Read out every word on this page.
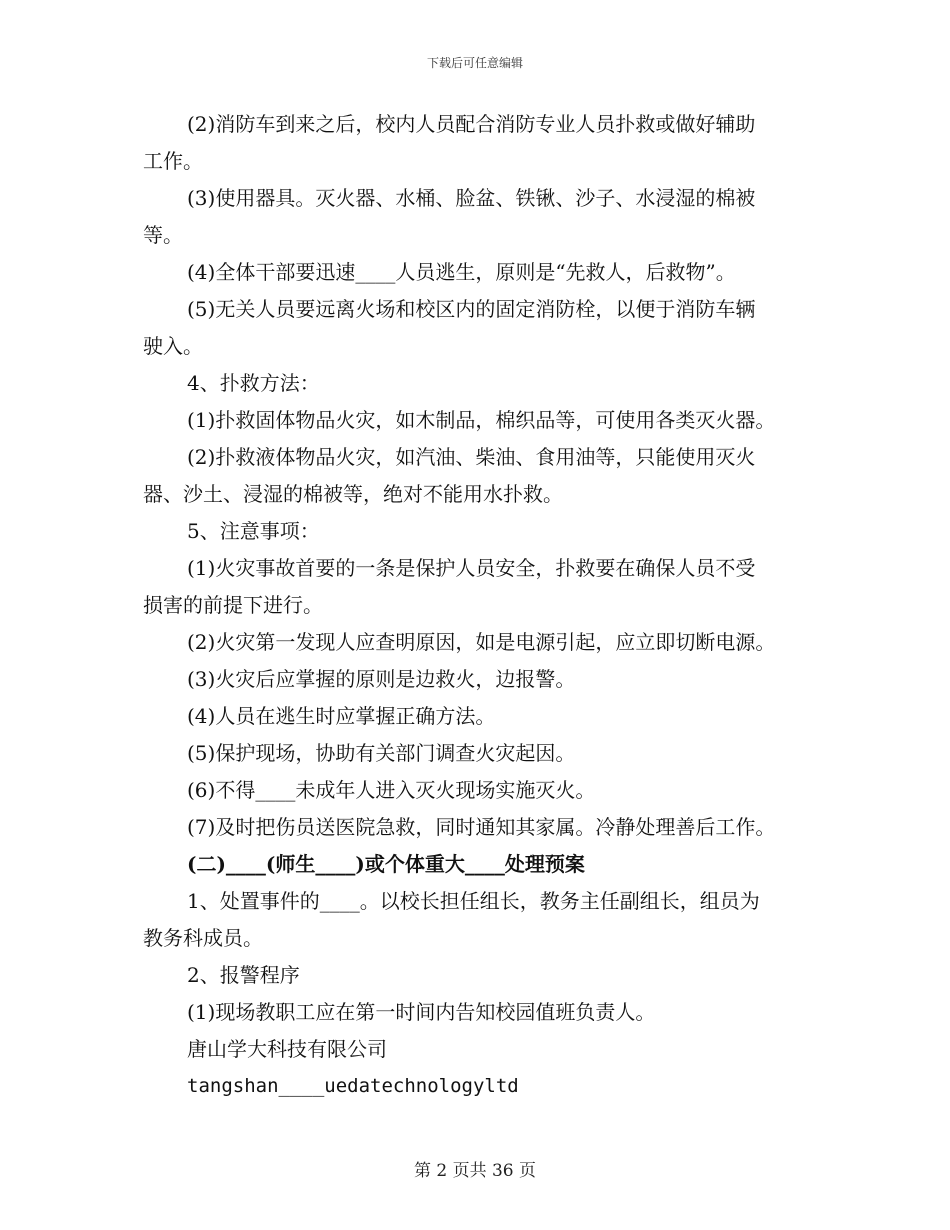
下载后可任意编辑

(2)消防车到来之后，校内人员配合消防专业人员扑救或做好辅助

工作。

(3)使用器具。灭火器、水桶、脸盆、铁锹、沙子、水浸湿的棉被

等。

(4)全体干部要迅速____人员逃生，原则是“先救人，后救物”。

(5)无关人员要远离火场和校区内的固定消防栓，以便于消防车辆

驶入。

4、扑救方法：

(1)扑救固体物品火灾，如木制品，棉织品等，可使用各类灭火器。

(2)扑救液体物品火灾，如汽油、柴油、食用油等，只能使用灭火

器、沙土、浸湿的棉被等，绝对不能用水扑救。

5、注意事项：

(1)火灾事故首要的一条是保护人员安全，扑救要在确保人员不受

损害的前提下进行。

(2)火灾第一发现人应查明原因，如是电源引起，应立即切断电源。

(3)火灾后应掌握的原则是边救火，边报警。

(4)人员在逃生时应掌握正确方法。

(5)保护现场，协助有关部门调查火灾起因。

(6)不得____未成年人进入灭火现场实施灭火。

(7)及时把伤员送医院急救，同时通知其家属。冷静处理善后工作。

(二)____(师生____)或个体重大____处理预案

1、处置事件的____。以校长担任组长，教务主任副组长，组员为

教务科成员。

2、报警程序

(1)现场教职工应在第一时间内告知校园值班负责人。

唐山学大科技有限公司

tangshan____uedatechnologyltd

第 2 页共 36 页
